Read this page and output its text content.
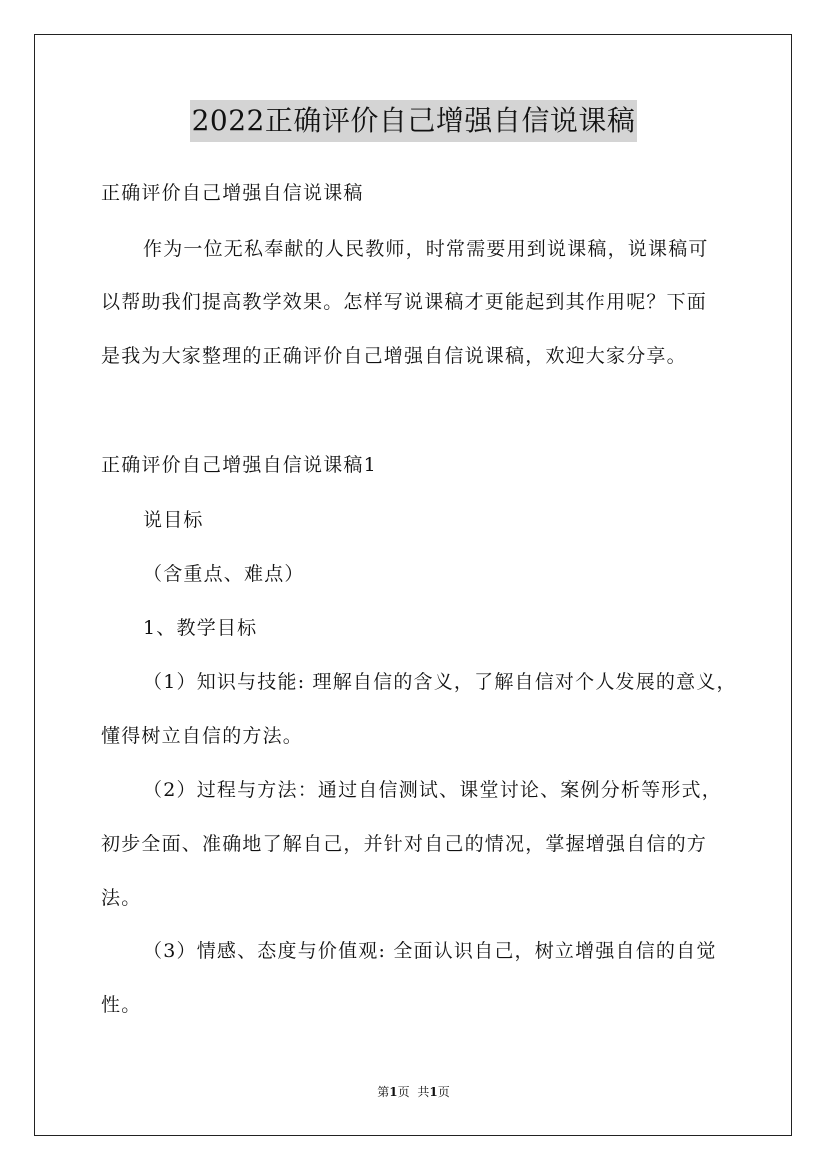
2022正确评价自己增强自信说课稿
正确评价自己增强自信说课稿
作为一位无私奉献的人民教师，时常需要用到说课稿，说课稿可
以帮助我们提高教学效果。怎样写说课稿才更能起到其作用呢？下面
是我为大家整理的正确评价自己增强自信说课稿，欢迎大家分享。
正确评价自己增强自信说课稿1
说目标
（含重点、难点）
1、教学目标
（1）知识与技能: 理解自信的含义，了解自信对个人发展的意义，
懂得树立自信的方法。
（2）过程与方法：通过自信测试、课堂讨论、案例分析等形式，
初步全面、准确地了解自己，并针对自己的情况，掌握增强自信的方
法。
（3）情感、态度与价值观: 全面认识自己，树立增强自信的自觉
性。
第1页 共1页
